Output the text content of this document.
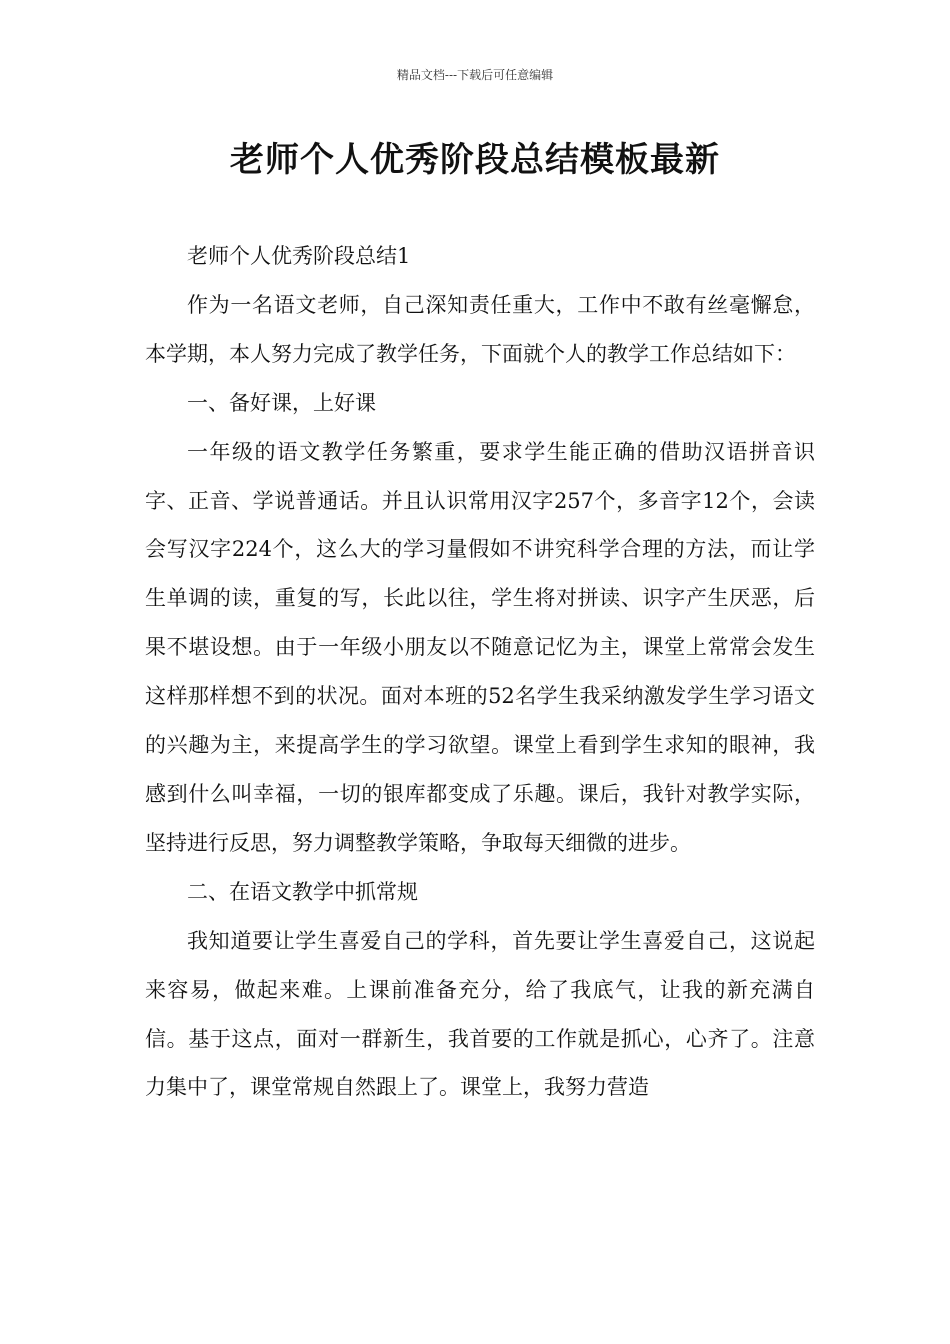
精品文档---下载后可任意编辑
老师个人优秀阶段总结模板最新

老师个人优秀阶段总结1

作为一名语文老师，自己深知责任重大，工作中不敢有丝毫懈怠，本学期，本人努力完成了教学任务，下面就个人的教学工作总结如下：

一、备好课，上好课

一年级的语文教学任务繁重，要求学生能正确的借助汉语拼音识字、正音、学说普通话。并且认识常用汉字257个，多音字12个，会读会写汉字224个，这么大的学习量假如不讲究科学合理的方法，而让学生单调的读，重复的写，长此以往，学生将对拼读、识字产生厌恶，后果不堪设想。由于一年级小朋友以不随意记忆为主，课堂上常常会发生这样那样想不到的状况。面对本班的52名学生我采纳激发学生学习语文的兴趣为主，来提高学生的学习欲望。课堂上看到学生求知的眼神，我感到什么叫幸福，一切的银库都变成了乐趣。课后，我针对教学实际，坚持进行反思，努力调整教学策略，争取每天细微的进步。

二、在语文教学中抓常规

我知道要让学生喜爱自己的学科，首先要让学生喜爱自己，这说起来容易，做起来难。上课前准备充分，给了我底气，让我的新充满自信。基于这点，面对一群新生，我首要的工作就是抓心，心齐了。注意力集中了，课堂常规自然跟上了。课堂上，我努力营造
